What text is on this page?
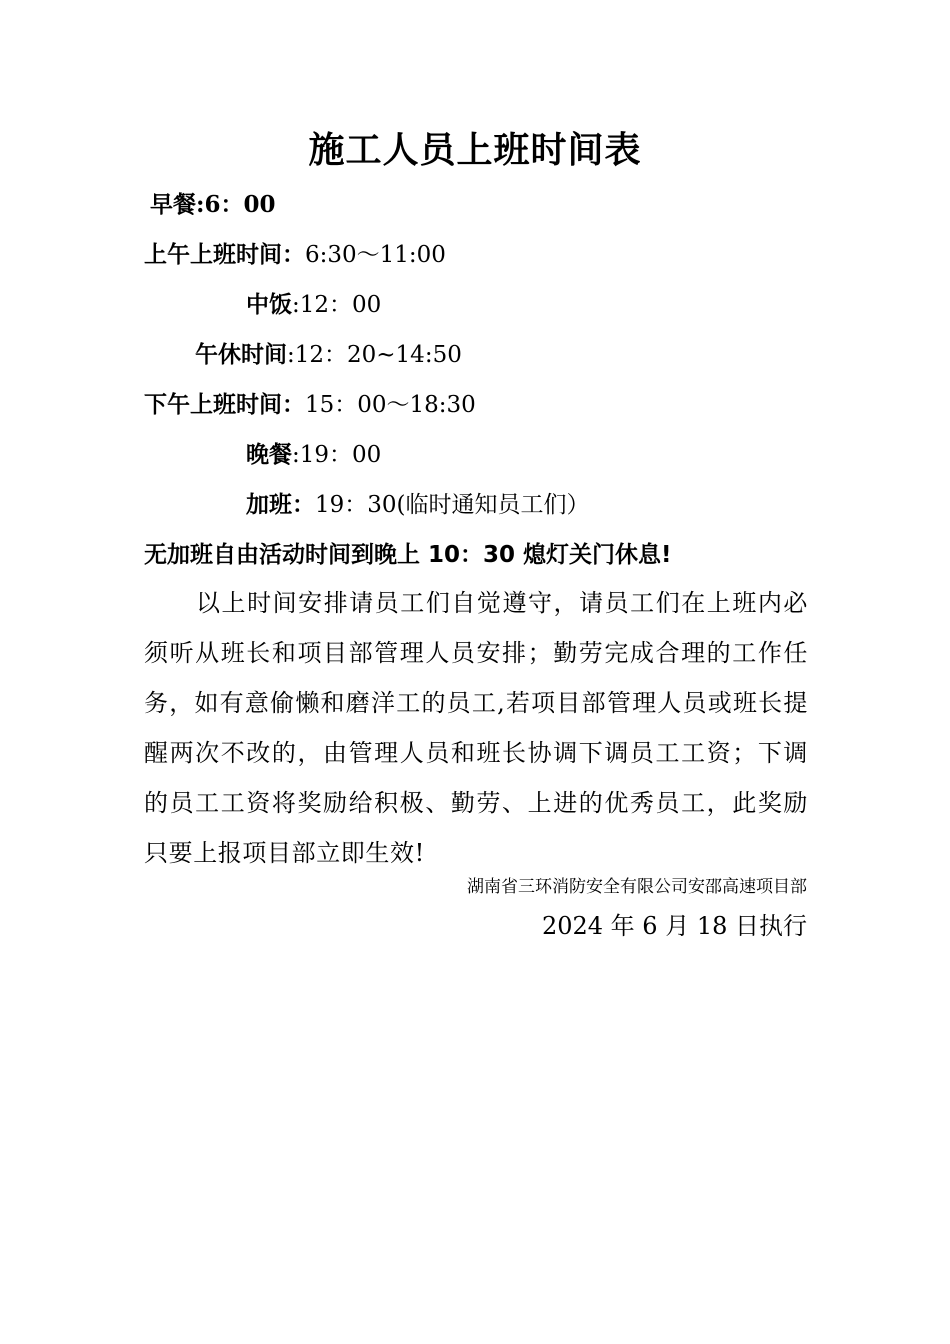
施工人员上班时间表
早餐:6：00
上午上班时间：6:30～11:00
中饭:12：00
午休时间:12：20~14:50
下午上班时间：15：00～18:30
晚餐:19：00
加班：19：30(临时通知员工们）
无加班自由活动时间到晚上 10：30 熄灯关门休息!
以上时间安排请员工们自觉遵守，请员工们在上班内必须听从班长和项目部管理人员安排；勤劳完成合理的工作任务，如有意偷懒和磨洋工的员工,若项目部管理人员或班长提醒两次不改的，由管理人员和班长协调下调员工工资；下调的员工工资将奖励给积极、勤劳、上进的优秀员工，此奖励只要上报项目部立即生效!
湖南省三环消防安全有限公司安邵高速项目部
2024 年 6 月 18 日执行
